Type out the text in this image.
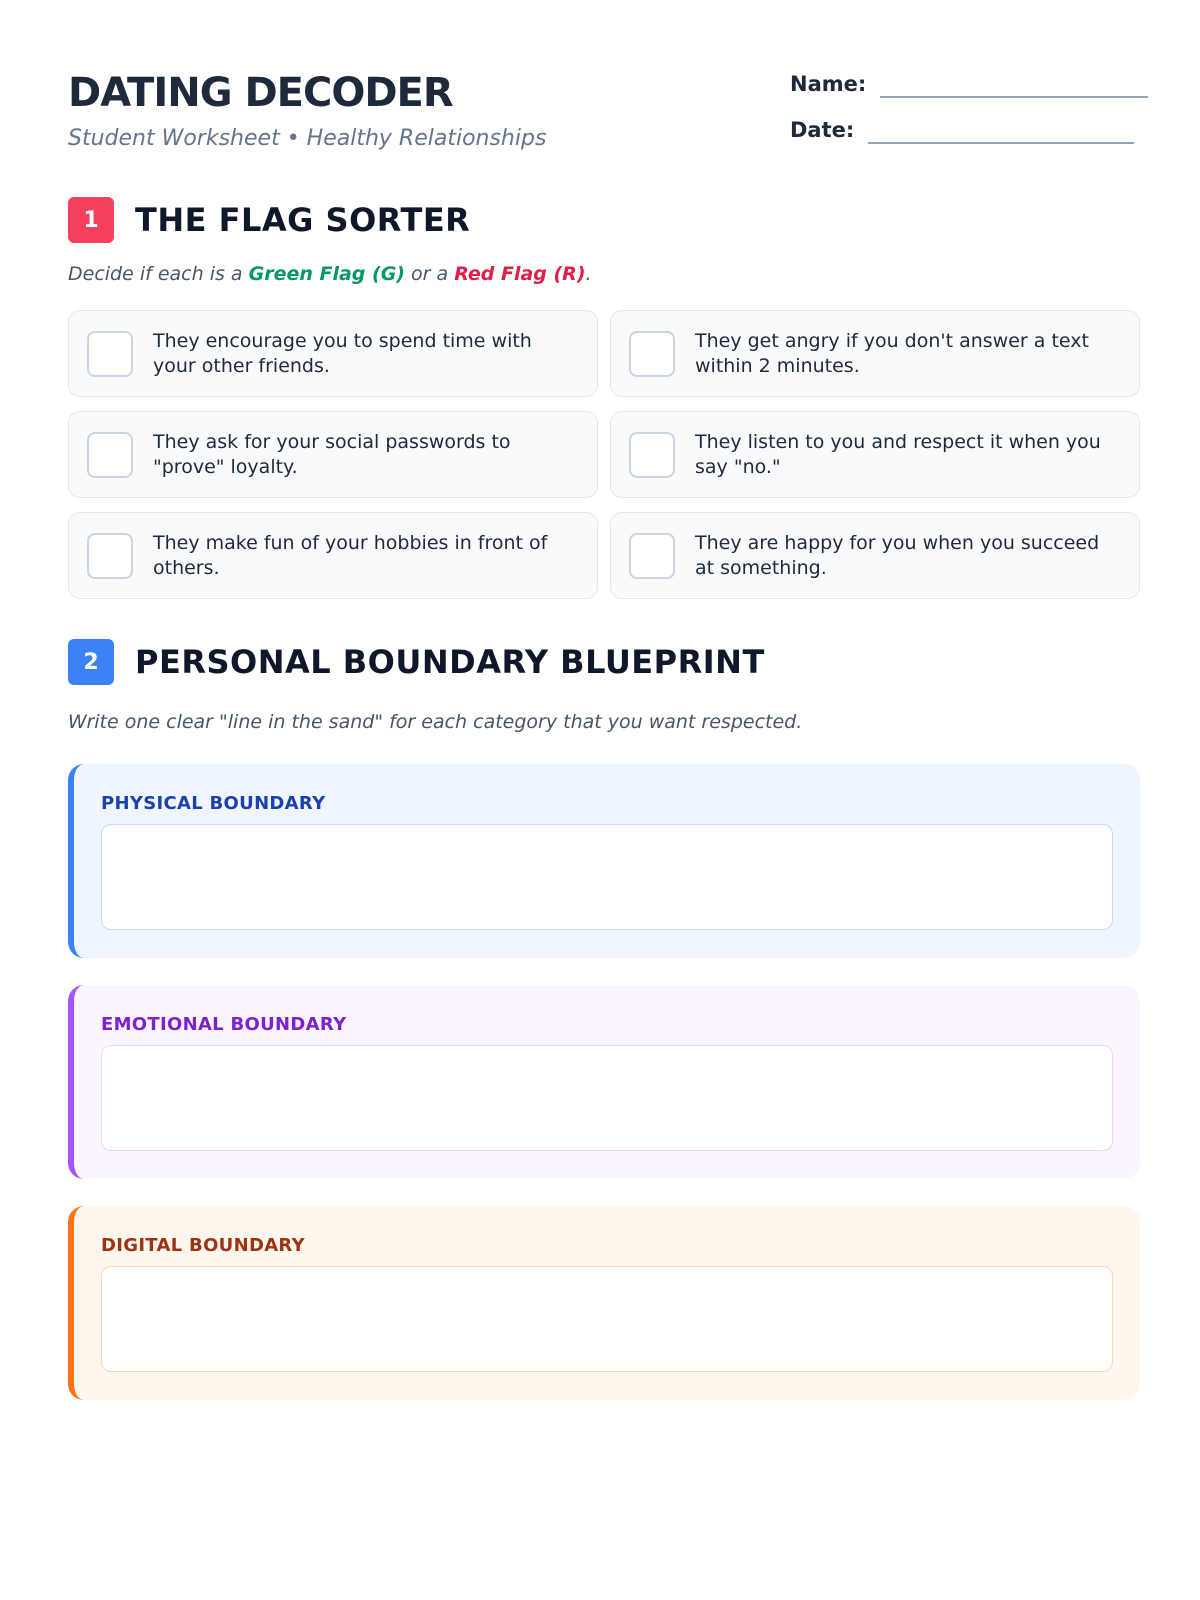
DATING DECODER
Student Worksheet • Healthy Relationships
Name:
Date:
1	THE FLAG SORTER
Decide if each is a Green Flag (G) or a Red Flag (R).
They encourage you to spend time with your other friends.
They get angry if you don't answer a text within 2 minutes.
They ask for your social passwords to "prove" loyalty.
They listen to you and respect it when you say "no."
They make fun of your hobbies in front of others.
They are happy for you when you succeed at something.
2	PERSONAL BOUNDARY BLUEPRINT
Write one clear "line in the sand" for each category that you want respected.
PHYSICAL BOUNDARY
EMOTIONAL BOUNDARY
DIGITAL BOUNDARY
